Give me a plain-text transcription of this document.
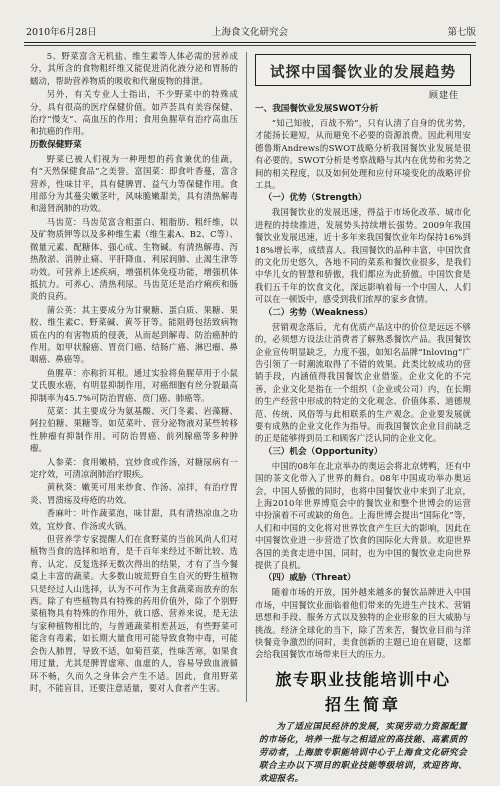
2010年6月28日	上海食文化研究会	第七版
5、野菜富含无机盐、维生素等人体必需的营养成分，其所含的食物粗纤维又能促进消化液分泌和胃肠的蠕动，帮助营养物质的吸收和代谢废物的排泄。
另外，有关专业人士指出，不少野菜中的特殊成分，具有很高的医疗保健价值。如芦荟具有美容保健、治疗“慢支”、高血压的作用；食用鱼腥草有治疗高血压和抗癌的作用。
历数保健野菜
野菜已被人们视为一种理想的药食兼优的佳蔬，有“天然保健食品”之美誉。富国菜：即食叶香蔓，富含营养，性味甘平，具有健脾胃、益气力等保健作用。食用部分为其蔓尖嫩茎叶，风味脆嫩甜美，具有清热解毒和滋肾润肺的功效。
马齿苋：马齿苋富含粗蛋白、粗脂肪、粗纤维，以及矿物质钾等以及多种维生素（维生素A、B2、C等）、微量元素、配糖体、强心成、生物碱。有清热解毒、泻热散淤、消肿止痛、平肝降血、利尿润肺、止渴生津等功效。可营养上述疾病，增强机体免疫功能，增强机体抵抗力。可养心、清热利尿。马齿苋还是治疗痢疾和肠炎的良药。
蒲公英：其主要成分为甘聚糖、蛋白质、果糖、果胶、维生素C、野菜碱、黄芩苷等。能阻碍包括致病物质在内的有害物质的侵袭，从而起到解毒、防治癌肿的作用。如甲状腺癌、胃贲门癌、结肠广癌、淋巴瘤、鼻咽癌、鼻癌等。
鱼腥草：亦称折耳根。通过实验将鱼腥草用于小鼠艾氏腹水癌，有明显抑制作用，对癌细胞有丝分裂最高抑制率为45.7%可防治胃癌、贲门癌、肺癌等。
苋菜：其主要成分为氨基酸、灭门冬素、岩藻糖、阿拉伯糖、果糖等。如苋菜叶、营分泌物液对某些转移性肿瘤有抑制作用。可防治胃癌、前列腺癌等多种肿瘤。
人参菜：食用嫩梢，宜炒食或作汤，对糖尿病有一定疗效，可清凉润肺治疗眼疾。
黄秋葵：嫩荚可用来炒食、作汤、凉拌，有治疗胃炎、胃溃疡及痔疮的功效。
香麻叶：叶作蔬菜泡，味甘甜，具有清热凉血之功效，宜炒食、作汤或火锅。
但营养学专家提醒人们在食野菜的当前风尚人们对植物当食的选择和培育，是千百年来经过不断比较、选育、认定、反复选择无数次得出的结果，才有了当今餐桌上丰富的蔬菜。大多数山坡荒野自生自灭的野生植物只是经过人山选择，认为不可作为主食蔬菜而放弃的东西。除了有些植物具有特殊的药用价值外，除了个别野菜植物具有特殊的作用外，就口感、营养来说，是无法与家种植物相比的，与普通蔬菜相差甚远，有些野菜可能含有毒素，如长期大量食用可能导致食物中毒，可能会伤人肺胃，导致不适，如菊苣菜，性味苦寒，如果食用过量，尤其是脾胃虚寒、血虚的人，容易导致血液循环不畅，久而久之身体会产生不适。因此，食用野菜时，不能盲目，还要注意适量，要对人食者产生害。
试探中国餐饮业的发展趋势
顾建佳
一、我国餐饮业发展SWOT分析
“知己知彼，百战不殆”，只有认清了自身的优劣势，才能扬长避短，从而避免不必要的资源浪费。因此利用安德鲁斯Andrews的SWOT战略分析我国餐饮业发展是很有必要的。SWOT分析是考察战略与其内在优势和劣势之间的相关程度，以及如何处理和应付环境变化的战略评价工具。
（一）优势（Strength）
我国餐饮业的发展迅速，得益于市场化改革、城市化进程的持续推进，发展势头持续增长强势。2009年我国餐饮业发展迅速，近十多年来我国餐饮业年均保持16%到18%增长率，成绩喜人。我国餐饮的品种丰富，中国饮食的文化历史悠久，各地不同的菜系和餐饮业很多，是我们中华儿女的智慧和骄傲，我们都应为此骄傲。中国饮食是我们五千年的饮食文化，深远影响着每一个中国人，人们可以在一顿饭中，感受到我们浓厚的家乡食情。
（二）劣势（Weakness）
营销观念落后，尤有优质产品这中的价位是远远不够的，必须想方设法让消费者了解熟悉餐饮产品。我国餐饮企业宣传明显缺乏，力度不强，如知名品牌“Inloving”广告引领了一时潮流取得了不错的效果。此类比较成功的营销手段，内涵值得我国餐饮企业借鉴。企业文化的不完善，企业文化是指在一个组织（企业或公司）内，在长期的生产经营中形成的特定的文化观念、价值体系、道德规范、传统、风俗等与此相联系的生产观念。企业要发展就要有成熟的企业文化作为指导。而我国餐饮企业目前缺乏的正是能够得到员工和顾客广泛认同的企业文化。
（三）机会（Opportunity）
中国的08年在北京举办的奥运会将北京烤鸭，还有中国的茶文化带入了世界的舞台。08年中国成功举办奥运会，中国人骄傲的同时，也将中国餐饮业中来到了北京，上海2010年世界博览会中的餐饮业和整个世博会的运营中扮演着不可或缺的角色。上海世博会提出“国际化”等，人们和中国的文化将对世界饮食产生巨大的影响，因此在中国餐饮业进一步营造了饮食的国际化大背景。欢迎世界各国的美食走进中国，同时，也为中国的餐饮业走向世界提供了良机。
（四）威胁（Threat）
随着市场的开放，国外越来越多的餐饮品牌进入中国市场，中国餐饮业面临着他们带来的先进生产技术、营销思想和手段、服务方式以及独特的企业形象的巨大威胁与挑战。经济全球化的当下，除了苦来苦，餐饮业目前与洋快餐竞争激烈的同时，美食创新的主题已迫在眉睫，这都会给我国餐饮市场带来巨大的压力。
旅专职业技能培训中心
招生简章
为了适应国民经济的发展，实现劳动力资源配置的市场化，培养一批与之相适应的高技能、高素质的劳动者，上海旅专职能培训中心于上海食文化研究会联合主办以下项目的职业技能等级培训，欢迎咨询、欢迎报名。
